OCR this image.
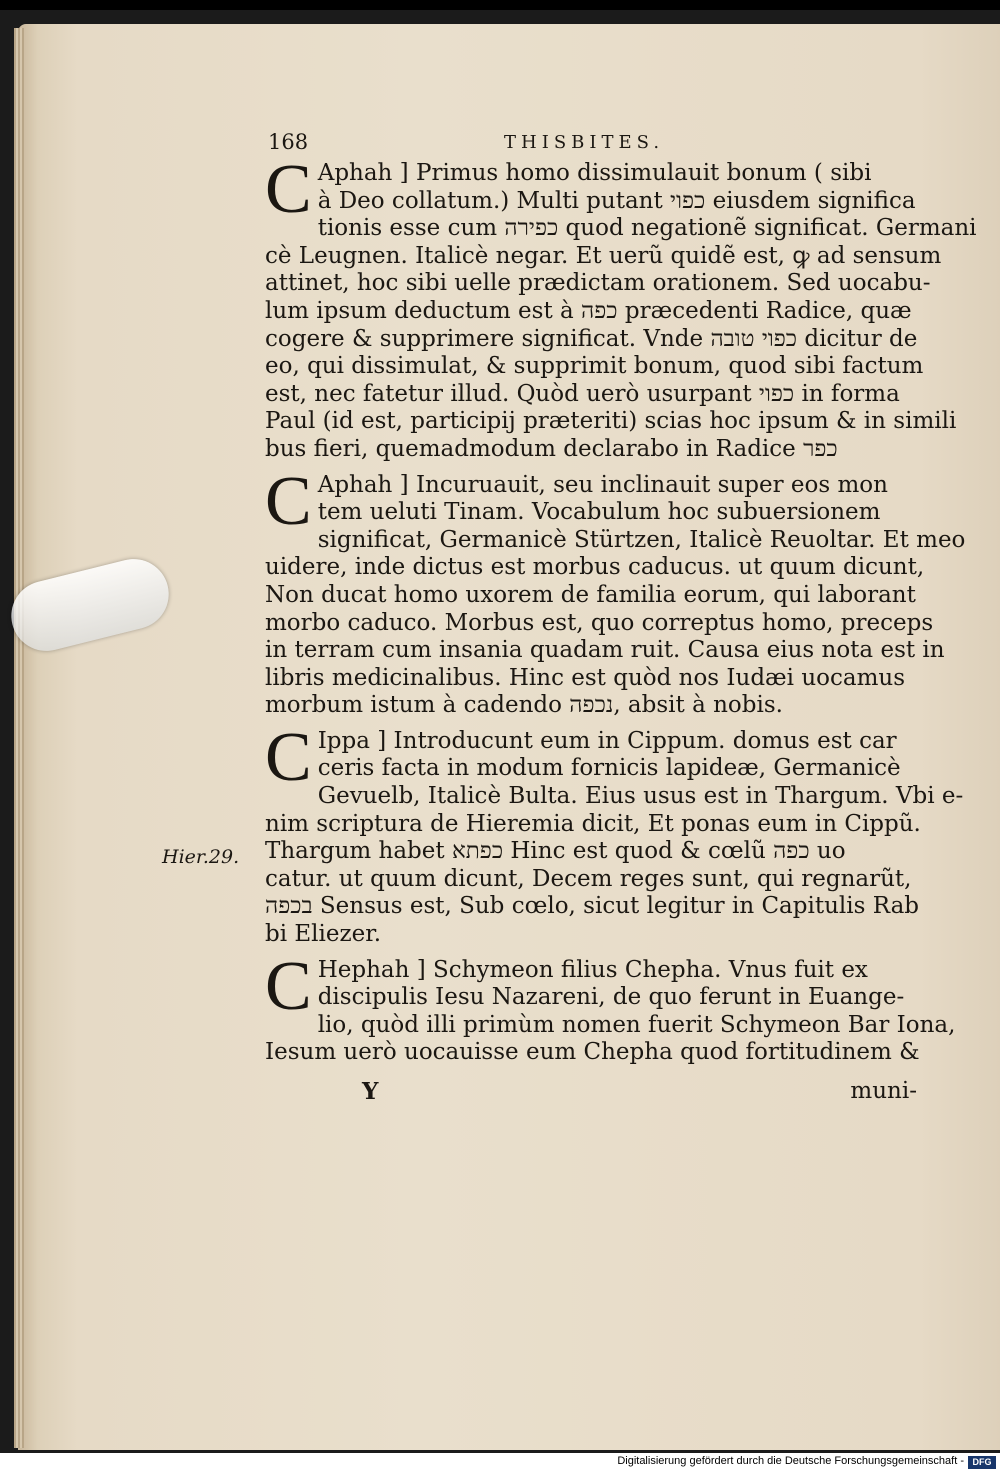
168	THISBITES.
C Aphah ] Primus homo dissimulauit bonum ( sibi
à Deo collatum.) Multi putant כפוי eiusdem significa
tionis esse cum כפירה quod negationẽ significat. Germani
cè Leugnen. Italicè negar. Et uerũ quidẽ est, ꝙ ad sensum
attinet, hoc sibi uelle prædictam orationem. Sed uocabu-
lum ipsum deductum est à כפה præcedenti Radice, quæ
cogere & supprimere significat. Vnde כפוי טובה dicitur de
eo, qui dissimulat, & supprimit bonum, quod sibi factum
est, nec fatetur illud. Quòd uerò usurpant כפוי in forma
Paul (id est, participij præteriti) scias hoc ipsum & in simili
bus fieri, quemadmodum declarabo in Radice כפר
C Aphah ] Incuruauit, seu inclinauit super eos mon
tem ueluti Tinam. Vocabulum hoc subuersionem
significat, Germanicè Stürtzen, Italicè Reuoltar. Et meo
uidere, inde dictus est morbus caducus. ut quum dicunt,
Non ducat homo uxorem de familia eorum, qui laborant
morbo caduco. Morbus est, quo correptus homo, preceps
in terram cum insania quadam ruit. Causa eius nota est in
libris medicinalibus. Hinc est quòd nos Iudæi uocamus
morbum istum à cadendo נכפה, absit à nobis.
C Ippa ] Introducunt eum in Cippum. domus est car
ceris facta in modum fornicis lapideæ, Germanicè
Gevuelb, Italicè Bulta. Eius usus est in Thargum. Vbi e-
nim scriptura de Hieremia dicit, Et ponas eum in Cippũ.
Thargum habet כפתא Hinc est quod & cœlũ כפה uo
catur. ut quum dicunt, Decem reges sunt, qui regnarũt,
בכפה Sensus est, Sub cœlo, sicut legitur in Capitulis Rab
bi Eliezer.
C Hephah ] Schymeon filius Chepha. Vnus fuit ex
discipulis Iesu Nazareni, de quo ferunt in Euange-
lio, quòd illi primùm nomen fuerit Schymeon Bar Iona,
Iesum uerò uocauisse eum Chepha quod fortitudinem &
Hier.29.
Y	muni-
Digitalisierung gefördert durch die Deutsche Forschungsgemeinschaft - DFG
